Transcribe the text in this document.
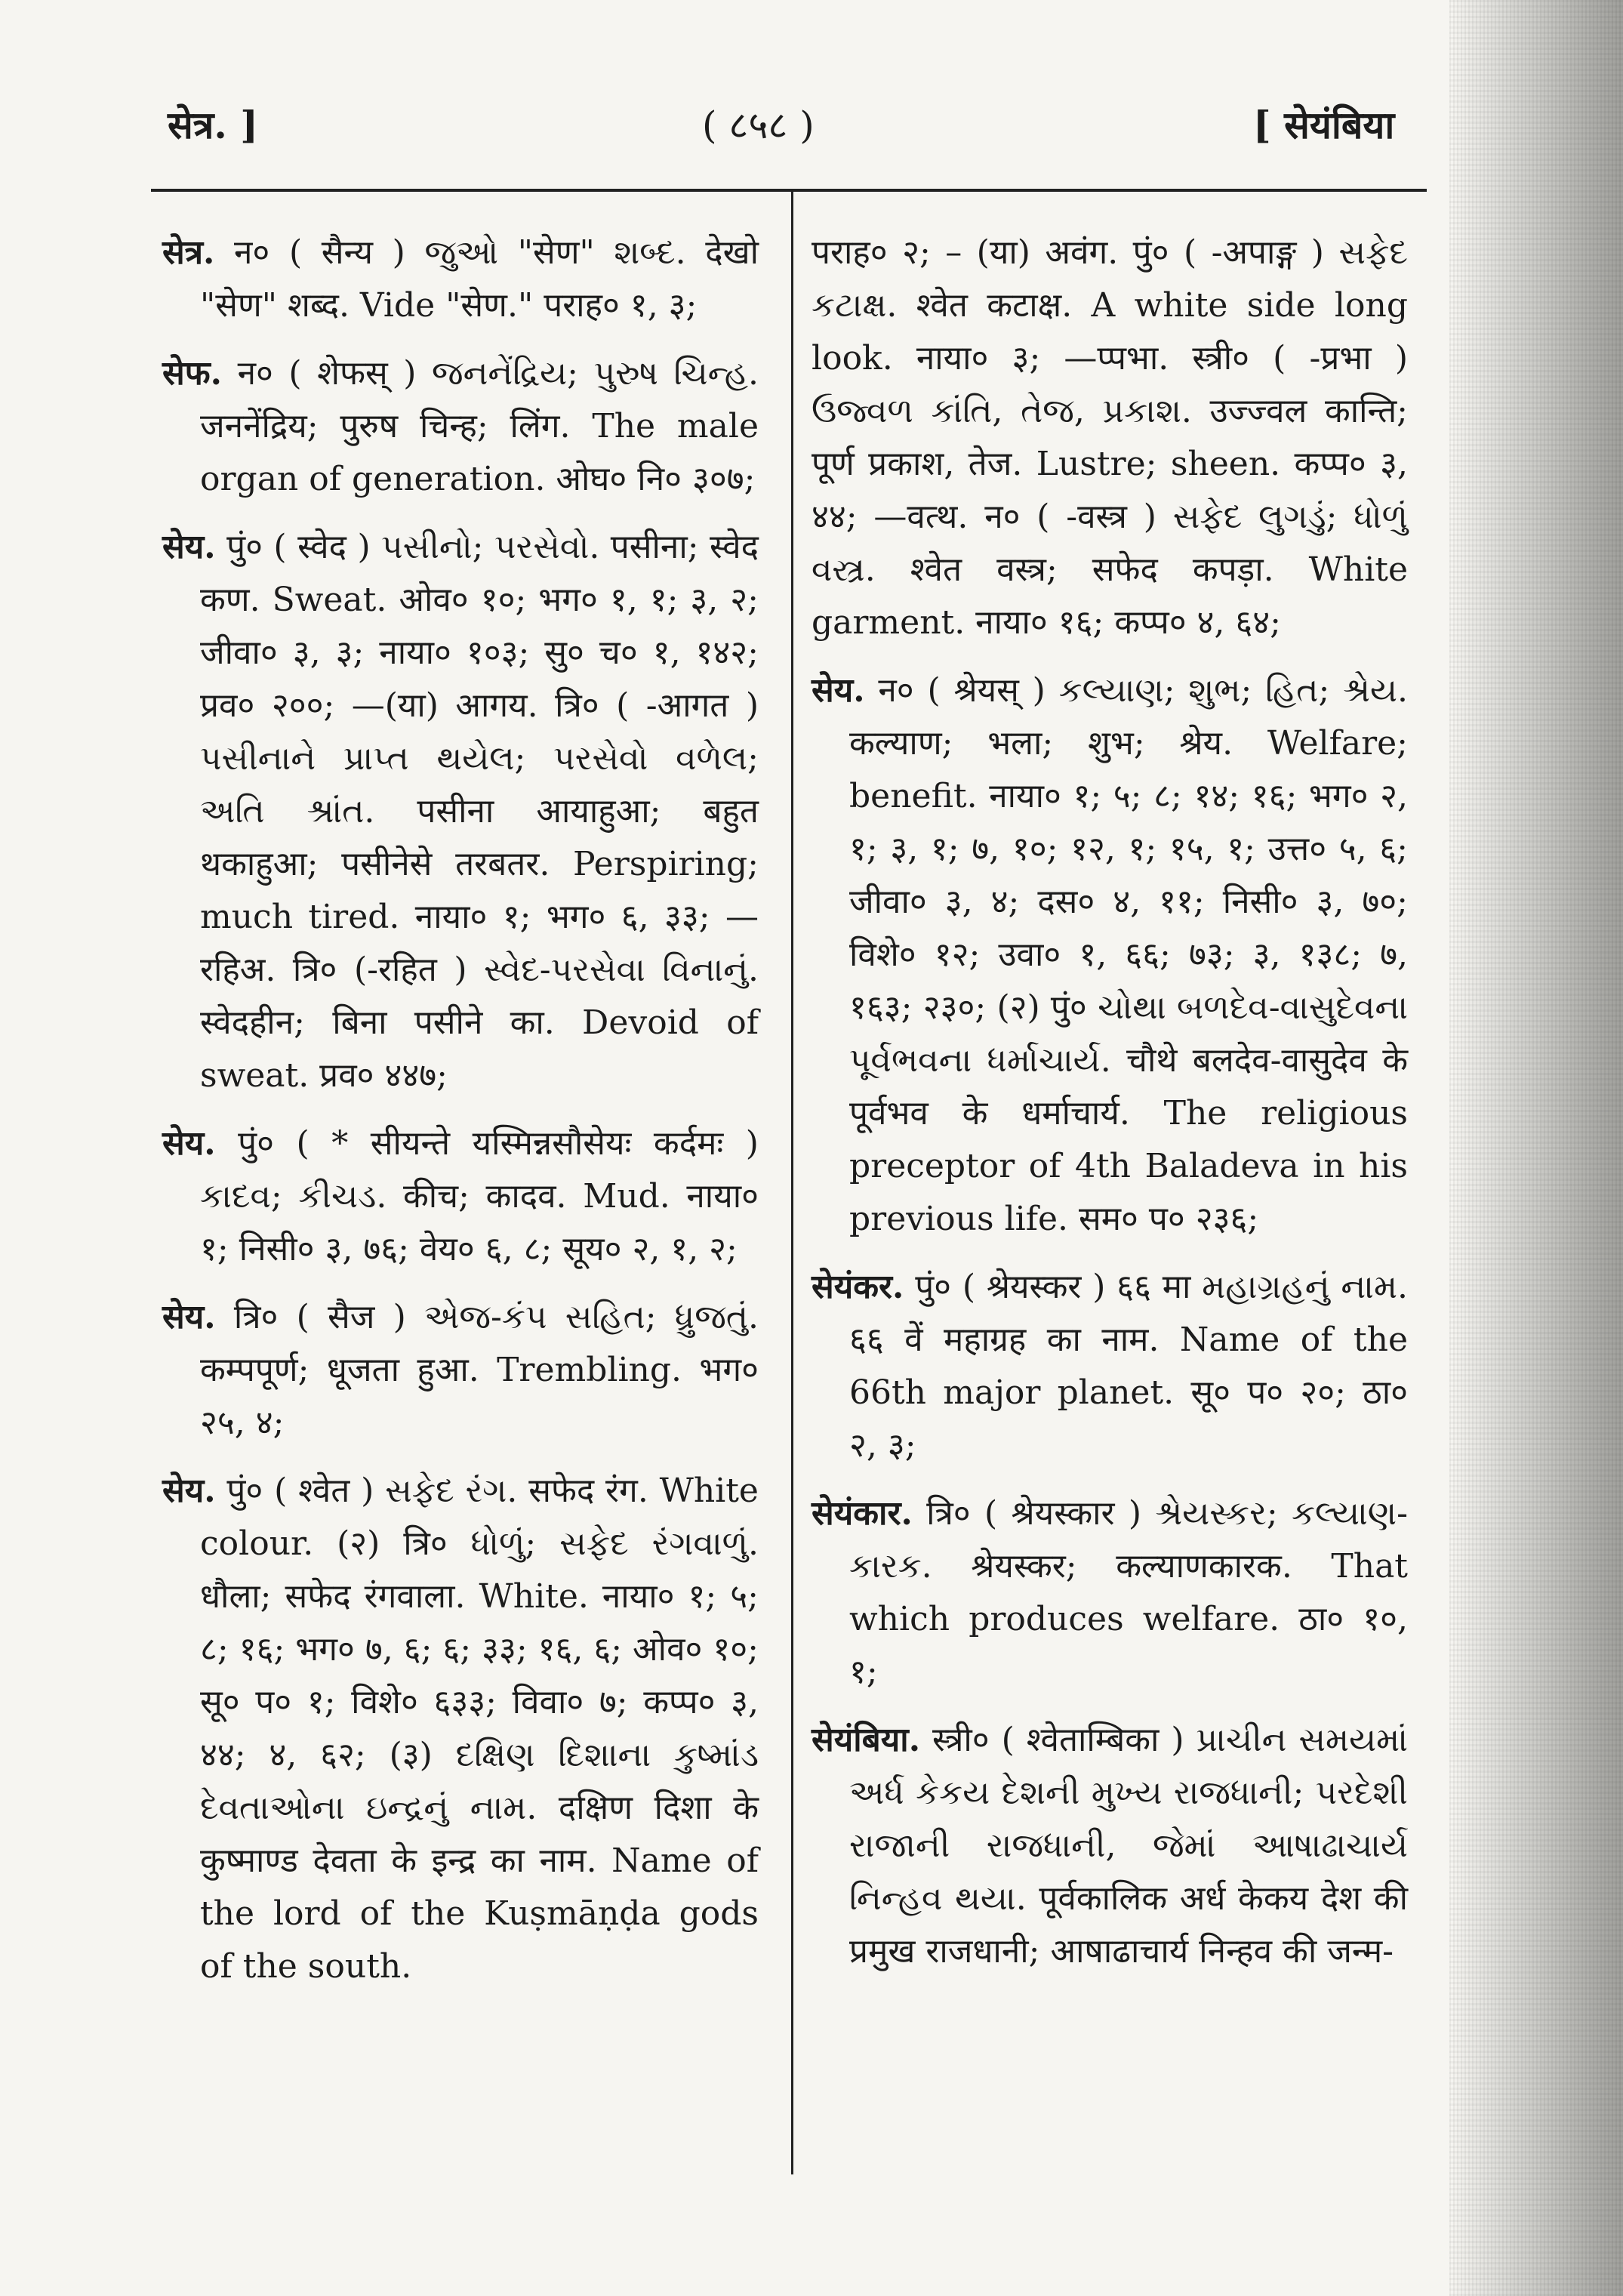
सेत्र. ]	( ८५८ )	[ सेयंबिया

सेत्र. न० ( सैन्य ) જુઓ "सेण" શબ્દ. देखो "सेण" शब्द. Vide "सेण." पराह० १, ३;

सेफ. न० ( शेफस् ) જનનેંદ્રિય; પુરુષ ચિન્હ. जननेंद्रिय; पुरुष चिन्ह; लिंग. The male organ of generation. ओघ० नि० ३०७;

सेय. पुं० ( स्वेद ) પસીનો; પરસેવો. पसीना; स्वेद कण. Sweat. ओव० १०; भग० १, १; ३, २; जीवा० ३, ३; नाया० १०३; सु० च० १, १४२; प्रव० २००; —(या) आगय. त्रि० ( -आगत ) પસીનાને પ્રાપ્ત થયેલ; પરસેવો વળેલ; અતિ શ્રાંત. पसीना आयाहुआ; बहुत थकाहुआ; पसीनेसे तरबतर. Perspiring; much tired. नाया० १; भग० ६, ३३; —रहिअ. त्रि० (-रहित ) સ્વેદ-પરસેવા વિનાનું. स्वेदहीन; बिना पसीने का. Devoid of sweat. प्रव० ४४७;

सेय. पुं० ( * सीयन्ते यस्मिन्नसौसेयः कर्दमः ) કાદવ; કીચડ. कीच; कादव. Mud. नाया० १; निसी० ३, ७६; वेय० ६, ८; सूय० २, १, २;

सेय. त्रि० ( सैज ) એજ-કંપ સહિત; ધ્રુજતું. कम्पपूर्ण; धूजता हुआ. Trembling. भग० २५, ४;

सेय. पुं० ( श्वेत ) સફેદ રંગ. सफेद रंग. White colour. (२) त्रि० ધોળું; સફેદ રંગવાળું. धौला; सफेद रंगवाला. White. नाया० १; ५; ८; १६; भग० ७, ६; ६; ३३; १६, ६; ओव० १०; सू० प० १; विशे० ६३३; विवा० ७; कप्प० ३, ४४; ४, ६२; (३) દક્ષિણ દિશાના કુષ્માંડ દેવતાઓના ઇન્દ્રનું નામ. दक्षिण दिशा के कुष्माण्ड देवता के इन्द्र का नाम. Name of the lord of the Kuṣmāṇḍa gods of the south.

पराह० २; – (या) अवंग. पुं० ( -अपाङ्ग ) સફેદ કટાક્ષ. श्वेत कटाक्ष. A white side long look. नाया० ३; —प्पभा. स्त्री० ( -प्रभा ) ઉજ્વળ કાંતિ, તેજ, પ્રકાશ. उज्ज्वल कान्ति; पूर्ण प्रकाश, तेज. Lustre; sheen. कप्प० ३, ४४; —वत्थ. न० ( -वस्त्र ) સફેદ લુગડું; ધોળું વસ્ત્ર. श्वेत वस्त्र; सफेद कपड़ा. White garment. नाया० १६; कप्प० ४, ६४;

सेय. न० ( श्रेयस् ) કલ્યાણ; શુભ; હિત; શ્રેય. कल्याण; भला; शुभ; श्रेय. Welfare; benefit. नाया० १; ५; ८; १४; १६; भग० २, १; ३, १; ७, १०; १२, १; १५, १; उत्त० ५, ६; जीवा० ३, ४; दस० ४, ११; निसी० ३, ७०; विशे० १२; उवा० १, ६६; ७३; ३, १३८; ७, १६३; २३०; (२) पुं० ચોથા બળદેવ-વાસુદેવના પૂર્વભવના ધર્માચાર્ય. चौथे बलदेव-वासुदेव के पूर्वभव के धर्माचार्य. The religious preceptor of 4th Baladeva in his previous life. सम० प० २३६;

सेयंकर. पुं० ( श्रेयस्कर ) ६६ मा મહાગ્રહનું નામ. ६६ वें महाग्रह का नाम. Name of the 66th major planet. सू० प० २०; ठा० २, ३;

सेयंकार. त्रि० ( श्रेयस्कार ) શ્રેયસ્કર; કલ્યાણ-કારક. श्रेयस्कर; कल्याणकारक. That which produces welfare. ठा० १०, १;

सेयंबिया. स्त्री० ( श्वेताम्बिका ) પ્રાચીન સમયમાં અર્ધ કેકય દેશની મુખ્ય રાજધાની; પરદેશી રાજાની રાજધાની, જેમાં આષાઢાચાર્ય નિન્હવ થયા. पूर्वकालिक अर्ध केकय देश की प्रमुख राजधानी; आषाढाचार्य निन्हव की जन्म-
